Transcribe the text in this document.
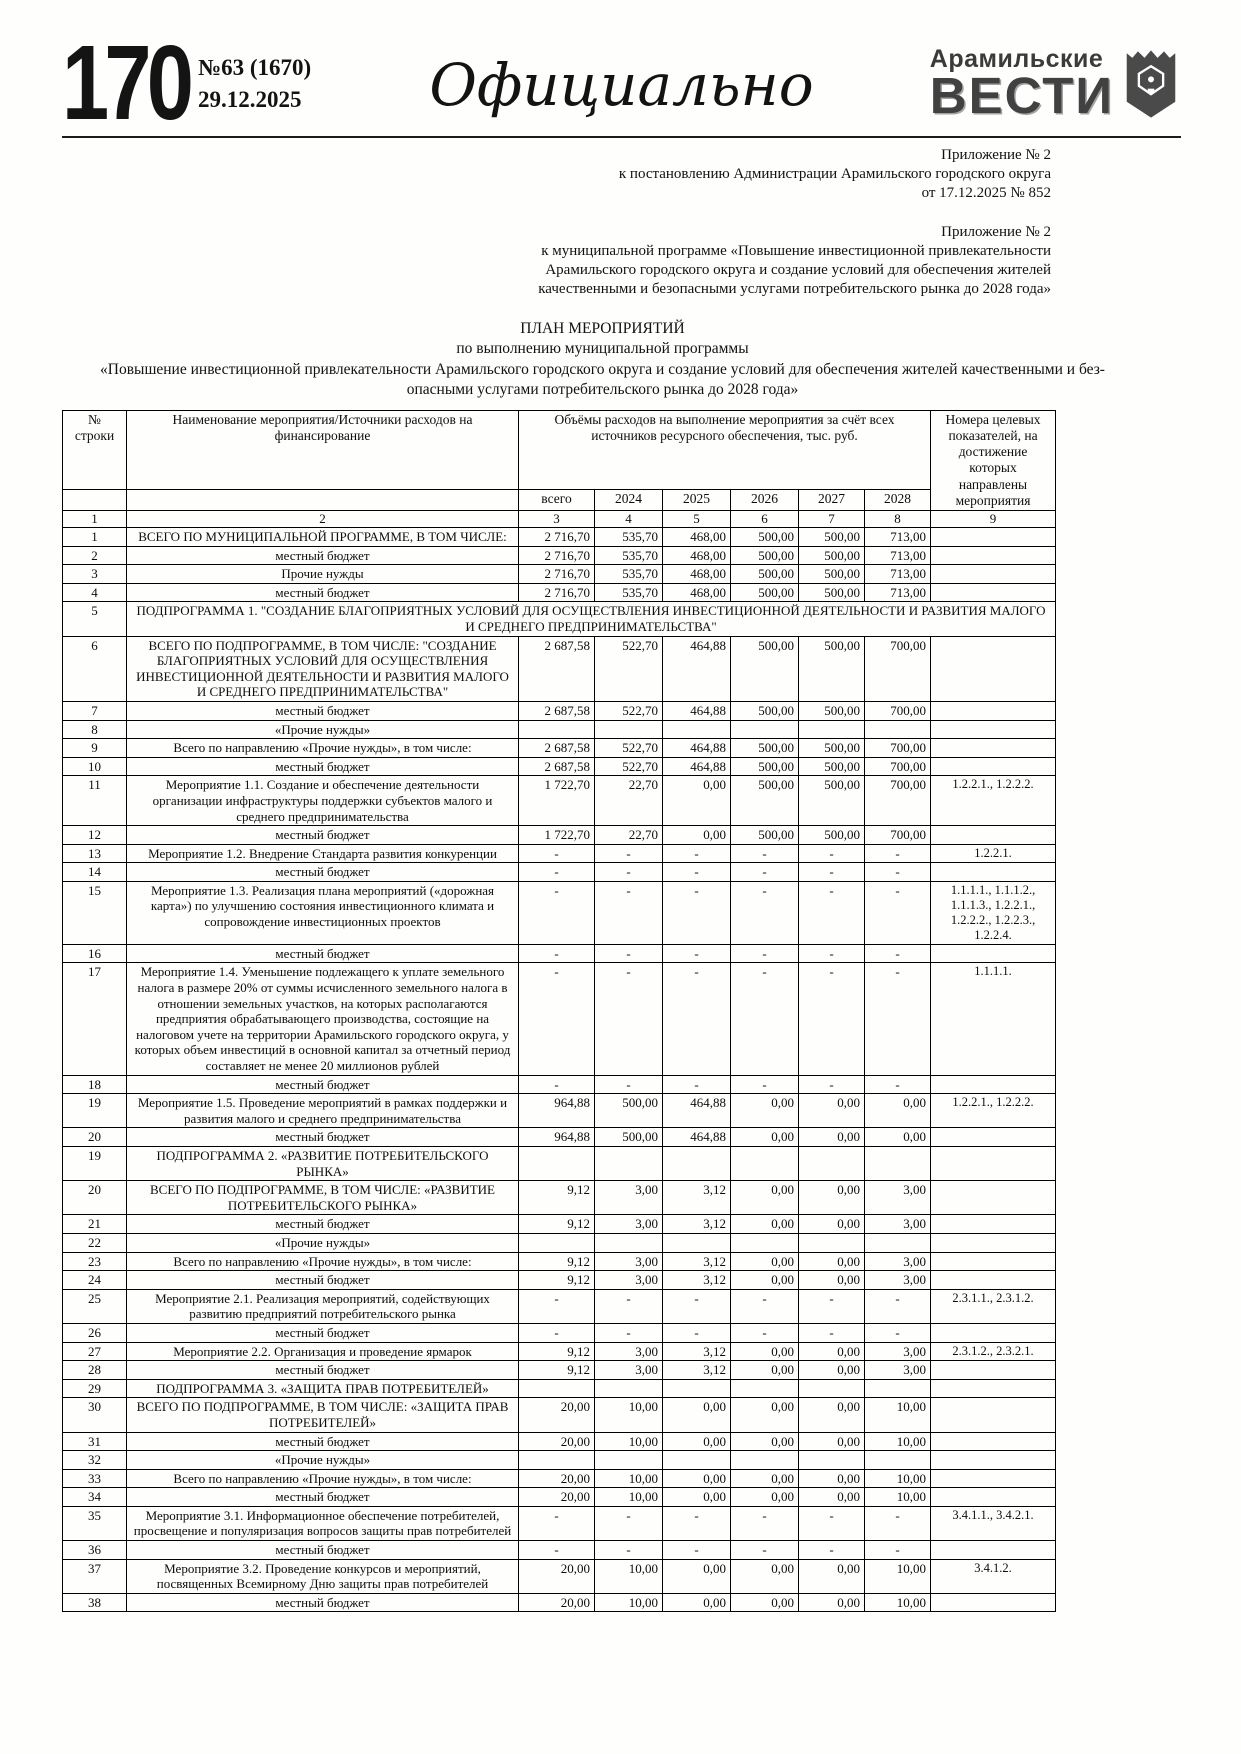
170 №63 (1670)
29.12.2025	Официально	Арамильские
ВЕСТИ
Приложение № 2
к постановлению Администрации Арамильского городского округа
от 17.12.2025 № 852
Приложение № 2
к муниципальной программе «Повышение инвестиционной привлекательности
Арамильского городского округа и создание условий для обеспечения жителей
качественными и безопасными услугами потребительского рынка до 2028 года»
ПЛАН МЕРОПРИЯТИЙ
по выполнению муниципальной программы
«Повышение инвестиционной привлекательности Арамильского городского округа и создание условий для обеспечения жителей качественными и без-
опасными услугами потребительского рынка до 2028 года»
№ строки	Наименование мероприятия/Источники расходов на финансирование	Объёмы расходов на выполнение мероприятия за счёт всех источников ресурсного обеспечения, тыс. руб.						Номера целевых показателей, на достижение которых направлены мероприятия
		всего	2024	2025	2026	2027	2028	
1	2	3	4	5	6	7	8	9
1	ВСЕГО ПО МУНИЦИПАЛЬНОЙ ПРОГРАММЕ, В ТОМ ЧИСЛЕ:	2 716,70	535,70	468,00	500,00	500,00	713,00	
2	местный бюджет	2 716,70	535,70	468,00	500,00	500,00	713,00	
3	Прочие нужды	2 716,70	535,70	468,00	500,00	500,00	713,00	
4	местный бюджет	2 716,70	535,70	468,00	500,00	500,00	713,00	
5	ПОДПРОГРАММА 1. "СОЗДАНИЕ БЛАГОПРИЯТНЫХ УСЛОВИЙ ДЛЯ ОСУЩЕСТВЛЕНИЯ ИНВЕСТИЦИОННОЙ ДЕЯТЕЛЬНОСТИ И РАЗВИТИЯ МАЛОГО И СРЕДНЕГО ПРЕДПРИНИМАТЕЛЬСТВА"							
6	ВСЕГО ПО ПОДПРОГРАММЕ, В ТОМ ЧИСЛЕ: "СОЗДАНИЕ БЛАГОПРИЯТНЫХ УСЛОВИЙ ДЛЯ ОСУЩЕСТВЛЕНИЯ ИНВЕСТИЦИОННОЙ ДЕЯТЕЛЬНОСТИ И РАЗВИТИЯ МАЛОГО И СРЕДНЕГО ПРЕДПРИНИМАТЕЛЬСТВА"	2 687,58	522,70	464,88	500,00	500,00	700,00	
7	местный бюджет	2 687,58	522,70	464,88	500,00	500,00	700,00	
8	«Прочие нужды»							
9	Всего по направлению «Прочие нужды», в том числе:	2 687,58	522,70	464,88	500,00	500,00	700,00	
10	местный бюджет	2 687,58	522,70	464,88	500,00	500,00	700,00	
11	Мероприятие 1.1. Создание и обеспечение деятельности организации инфраструктуры поддержки субъектов малого и среднего предпринимательства	1 722,70	22,70	0,00	500,00	500,00	700,00	1.2.2.1., 1.2.2.2.
12	местный бюджет	1 722,70	22,70	0,00	500,00	500,00	700,00	
13	Мероприятие 1.2. Внедрение Стандарта развития конкуренции	-	-	-	-	-	-	1.2.2.1.
14	местный бюджет	-	-	-	-	-	-	
15	Мероприятие 1.3. Реализация плана мероприятий («дорожная карта») по улучшению состояния инвестиционного климата и сопровождение инвестиционных проектов	-	-	-	-	-	-	1.1.1.1., 1.1.1.2., 1.1.1.3., 1.2.2.1., 1.2.2.2., 1.2.2.3., 1.2.2.4.
16	местный бюджет	-	-	-	-	-	-	
17	Мероприятие 1.4. Уменьшение подлежащего к уплате земельного налога в размере 20% от суммы исчисленного земельного налога в отношении земельных участков, на которых располагаются предприятия обрабатывающего производства, состоящие на налоговом учете на территории Арамильского городского округа, у которых объем инвестиций в основной капитал за отчетный период составляет не менее 20 миллионов рублей	-	-	-	-	-	-	1.1.1.1.
18	местный бюджет	-	-	-	-	-	-	
19	Мероприятие 1.5. Проведение мероприятий в рамках поддержки и развития малого и среднего предпринимательства	964,88	500,00	464,88	0,00	0,00	0,00	1.2.2.1., 1.2.2.2.
20	местный бюджет	964,88	500,00	464,88	0,00	0,00	0,00	
19	ПОДПРОГРАММА 2. «РАЗВИТИЕ ПОТРЕБИТЕЛЬСКОГО РЫНКА»							
20	ВСЕГО ПО ПОДПРОГРАММЕ, В ТОМ ЧИСЛЕ: «РАЗВИТИЕ ПОТРЕБИТЕЛЬСКОГО РЫНКА»	9,12	3,00	3,12	0,00	0,00	3,00	
21	местный бюджет	9,12	3,00	3,12	0,00	0,00	3,00	
22	«Прочие нужды»							
23	Всего по направлению «Прочие нужды», в том числе:	9,12	3,00	3,12	0,00	0,00	3,00	
24	местный бюджет	9,12	3,00	3,12	0,00	0,00	3,00	
25	Мероприятие 2.1. Реализация мероприятий, содействующих развитию предприятий потребительского рынка	-	-	-	-	-	-	2.3.1.1., 2.3.1.2.
26	местный бюджет	-	-	-	-	-	-	
27	Мероприятие 2.2. Организация и проведение ярмарок	9,12	3,00	3,12	0,00	0,00	3,00	2.3.1.2., 2.3.2.1.
28	местный бюджет	9,12	3,00	3,12	0,00	0,00	3,00	
29	ПОДПРОГРАММА 3. «ЗАЩИТА ПРАВ ПОТРЕБИТЕЛЕЙ»							
30	ВСЕГО ПО ПОДПРОГРАММЕ, В ТОМ ЧИСЛЕ: «ЗАЩИТА ПРАВ ПОТРЕБИТЕЛЕЙ»	20,00	10,00	0,00	0,00	0,00	10,00	
31	местный бюджет	20,00	10,00	0,00	0,00	0,00	10,00	
32	«Прочие нужды»							
33	Всего по направлению «Прочие нужды», в том числе:	20,00	10,00	0,00	0,00	0,00	10,00	
34	местный бюджет	20,00	10,00	0,00	0,00	0,00	10,00	
35	Мероприятие 3.1. Информационное обеспечение потребителей, просвещение и популяризация вопросов защиты прав потребителей	-	-	-	-	-	-	3.4.1.1., 3.4.2.1.
36	местный бюджет	-	-	-	-	-	-	
37	Мероприятие 3.2. Проведение конкурсов и мероприятий, посвященных Всемирному Дню защиты прав потребителей	20,00	10,00	0,00	0,00	0,00	10,00	3.4.1.2.
38	местный бюджет	20,00	10,00	0,00	0,00	0,00	10,00	
